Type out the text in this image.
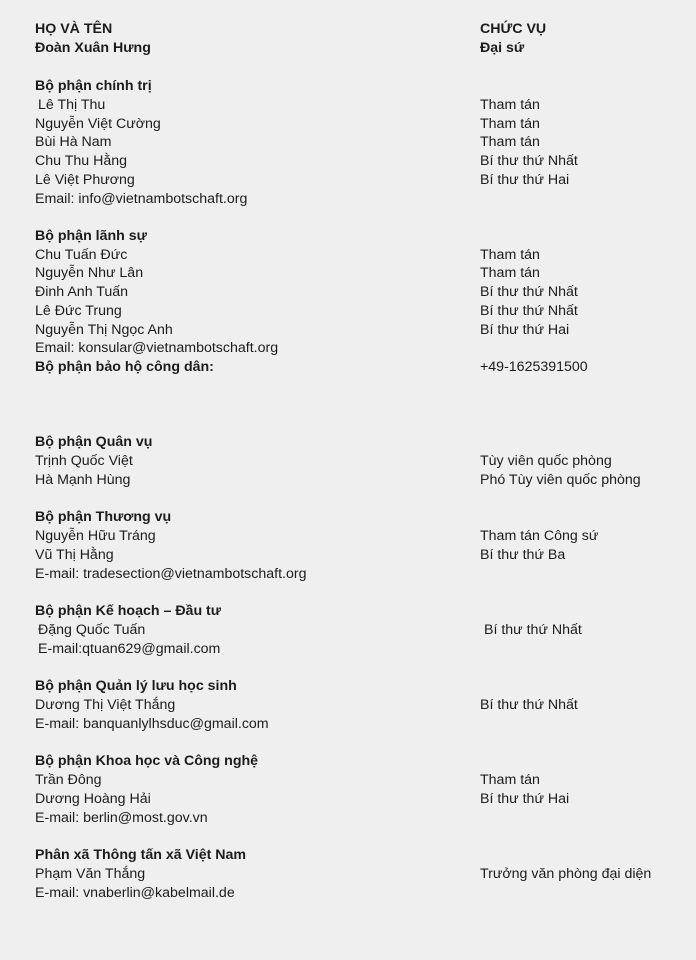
HỌ VÀ TÊN	CHỨC VỤ
Đoàn Xuân Hưng	Đại sứ
Bộ phận chính trị
Lê Thị Thu	Tham tán
Nguyễn Việt Cường	Tham tán
Bùi Hà Nam	Tham tán
Chu Thu Hằng	Bí thư thứ Nhất
Lê Việt Phương	Bí thư thứ Hai
Email: info@vietnambotschaft.org
Bộ phận lãnh sự
Chu Tuấn Đức	Tham tán
Nguyễn Như Lân	Tham tán
Đinh Anh Tuấn	Bí thư thứ Nhất
Lê Đức Trung	Bí thư thứ Nhất
Nguyễn Thị Ngọc Anh	Bí thư thứ Hai
Email: konsular@vietnambotschaft.org
Bộ phận bảo hộ công dân:	+49-1625391500
Bộ phận Quân vụ
Trịnh Quốc Việt	Tùy viên quốc phòng
Hà Mạnh Hùng	Phó Tùy viên quốc phòng
Bộ phận Thương vụ
Nguyễn Hữu Tráng	Tham tán Công sứ
Vũ Thị Hằng	Bí thư thứ Ba
E-mail: tradesection@vietnambotschaft.org
Bộ phận Kế hoạch – Đầu tư
Đặng Quốc Tuấn	Bí thư thứ Nhất
E-mail:qtuan629@gmail.com
Bộ phận Quản lý lưu học sinh
Dương Thị Việt Thắng	Bí thư thứ Nhất
E-mail: banquanlylhsduc@gmail.com
Bộ phận Khoa học và Công nghệ
Trần Đông	Tham tán
Dương Hoàng Hải	Bí thư thứ Hai
E-mail: berlin@most.gov.vn
Phân xã Thông tấn xã Việt Nam
Phạm Văn Thắng	Trưởng văn phòng đại diện
E-mail: vnaberlin@kabelmail.de
